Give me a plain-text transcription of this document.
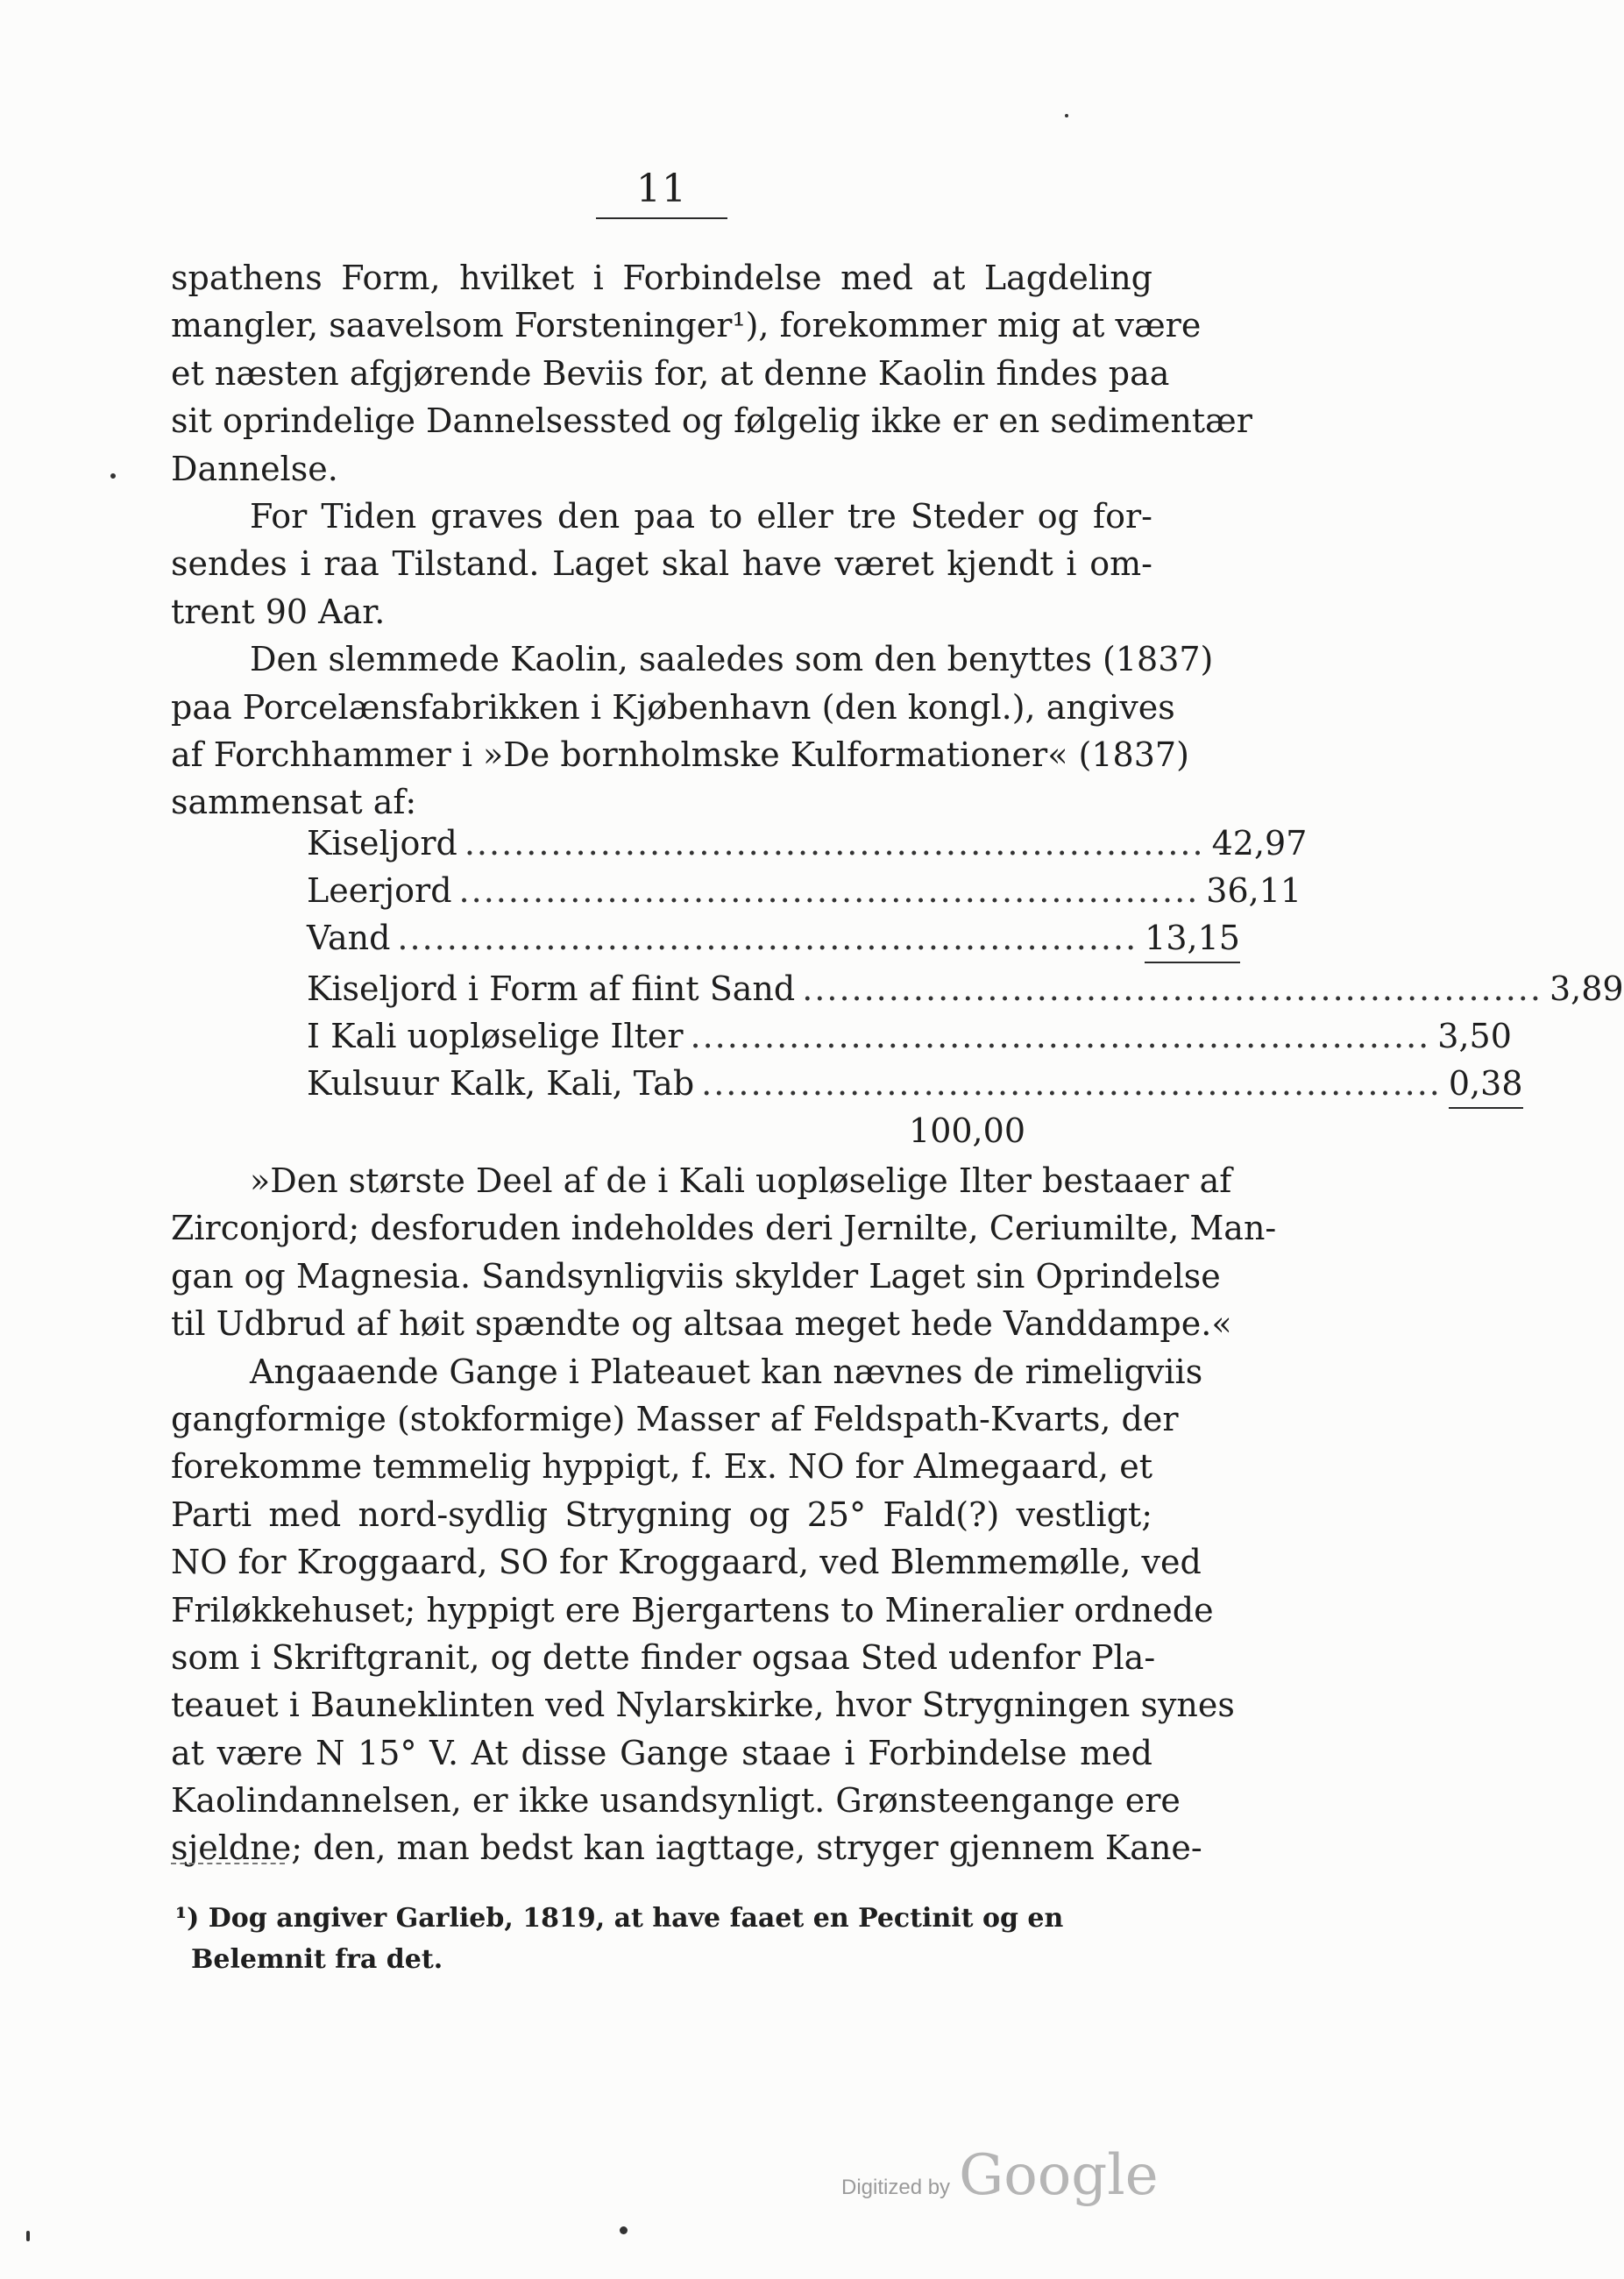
11
spathens Form, hvilket i Forbindelse med at Lagdeling
mangler, saavelsom Forsteninger¹), forekommer mig at være
et næsten afgjørende Beviis for, at denne Kaolin findes paa
sit oprindelige Dannelsessted og følgelig ikke er en sedimentær
Dannelse.
For Tiden graves den paa to eller tre Steder og for-
sendes i raa Tilstand. Laget skal have været kjendt i om-
trent 90 Aar.
Den slemmede Kaolin, saaledes som den benyttes (1837)
paa Porcelænsfabrikken i Kjøbenhavn (den kongl.), angives
af Forchhammer i »De bornholmske Kulformationer« (1837)
sammensat af:
Kiseljord ............................................................ 42,97
Leerjord ............................................................ 36,11
Vand ............................................................ 13,15
Kiseljord i Form af fiint Sand ............................................................ 3,89
I Kali uopløselige Ilter ............................................................ 3,50
Kulsuur Kalk, Kali, Tab ............................................................ 0,38
100,00
»Den største Deel af de i Kali uopløselige Ilter bestaaer af
Zirconjord; desforuden indeholdes deri Jernilte, Ceriumilte, Man-
gan og Magnesia. Sandsynligviis skylder Laget sin Oprindelse
til Udbrud af høit spændte og altsaa meget hede Vanddampe.«
Angaaende Gange i Plateauet kan nævnes de rimeligviis
gangformige (stokformige) Masser af Feldspath-Kvarts, der
forekomme temmelig hyppigt, f. Ex. NO for Almegaard, et
Parti med nord-sydlig Strygning og 25° Fald(?) vestligt;
NO for Kroggaard, SO for Kroggaard, ved Blemmemølle, ved
Friløkkehuset; hyppigt ere Bjergartens to Mineralier ordnede
som i Skriftgranit, og dette finder ogsaa Sted udenfor Pla-
teauet i Bauneklinten ved Nylarskirke, hvor Strygningen synes
at være N 15° V. At disse Gange staae i Forbindelse med
Kaolindannelsen, er ikke usandsynligt. Grønsteengange ere
sjeldne; den, man bedst kan iagttage, stryger gjennem Kane-
¹) Dog angiver Garlieb, 1819, at have faaet en Pectinit og en
Belemnit fra det.
Digitized by Google
